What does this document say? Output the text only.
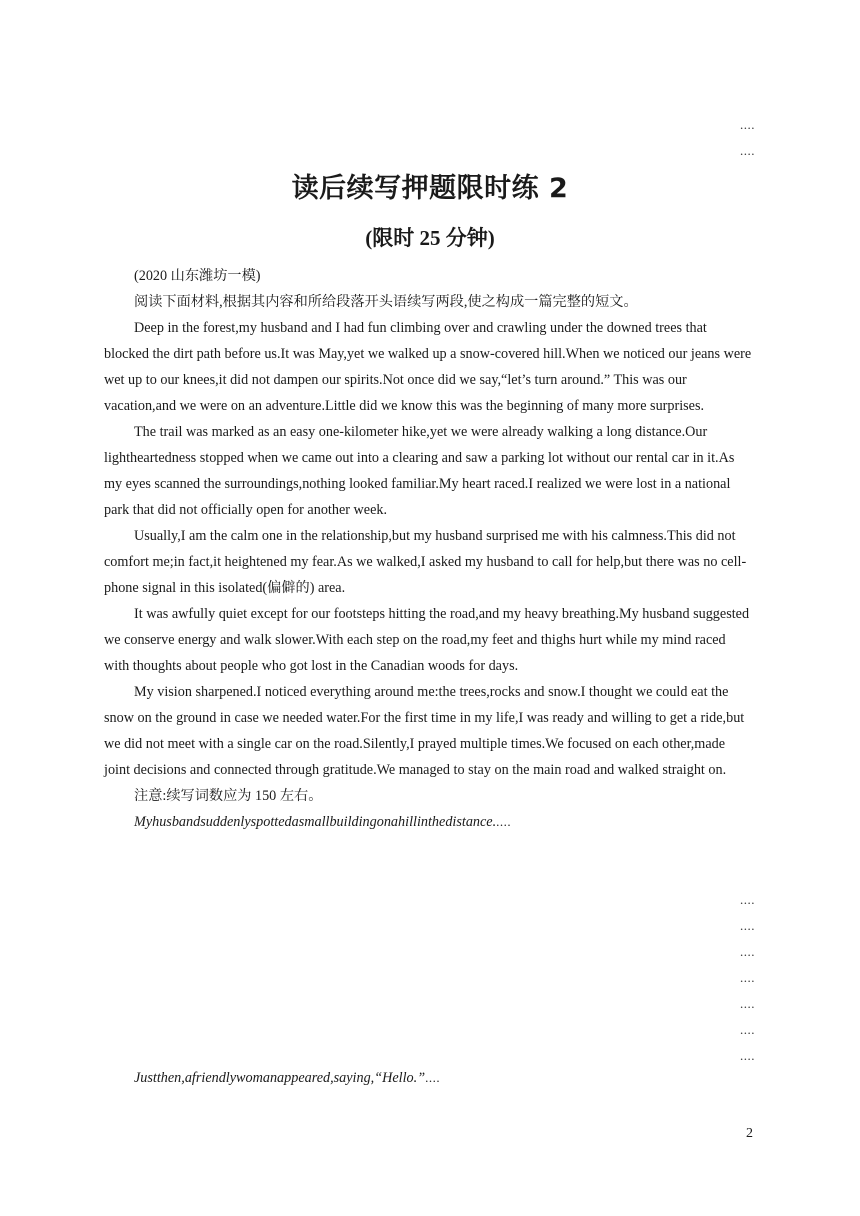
....
....
读后续写押题限时练 2
(限时 25 分钟)

(2020 山东潍坊一模)

阅读下面材料,根据其内容和所给段落开头语续写两段,使之构成一篇完整的短文。

Deep in the forest,my husband and I had fun climbing over and crawling under the downed trees that blocked the dirt path before us.It was May,yet we walked up a snow-covered hill.When we noticed our jeans were wet up to our knees,it did not dampen our spirits.Not once did we say,“let’s turn around.” This was our vacation,and we were on an adventure.Little did we know this was the beginning of many more surprises.

The trail was marked as an easy one-kilometer hike,yet we were already walking a long distance.Our lightheartedness stopped when we came out into a clearing and saw a parking lot without our rental car in it.As my eyes scanned the surroundings,nothing looked familiar.My heart raced.I realized we were lost in a national park that did not officially open for another week.

Usually,I am the calm one in the relationship,but my husband surprised me with his calmness.This did not comfort me;in fact,it heightened my fear.As we walked,I asked my husband to call for help,but there was no cell-phone signal in this isolated(偏僻的) area.

It was awfully quiet except for our footsteps hitting the road,and my heavy breathing.My husband suggested we conserve energy and walk slower.With each step on the road,my feet and thighs hurt while my mind raced with thoughts about people who got lost in the Canadian woods for days.

My vision sharpened.I noticed everything around me:the trees,rocks and snow.I thought we could eat the snow on the ground in case we needed water.For the first time in my life,I was ready and willing to get a ride,but we did not meet with a single car on the road.Silently,I prayed multiple times.We focused on each other,made joint decisions and connected through gratitude.We managed to stay on the main road and walked straight on.

注意:续写词数应为 150 左右。

Myhusbandsuddenlyspottedasmallbuildingonahillinthedistance.....

....
....
....
....
....
....
....
Justthen,afriendlywomanappeared,saying,“Hello.”....
2
